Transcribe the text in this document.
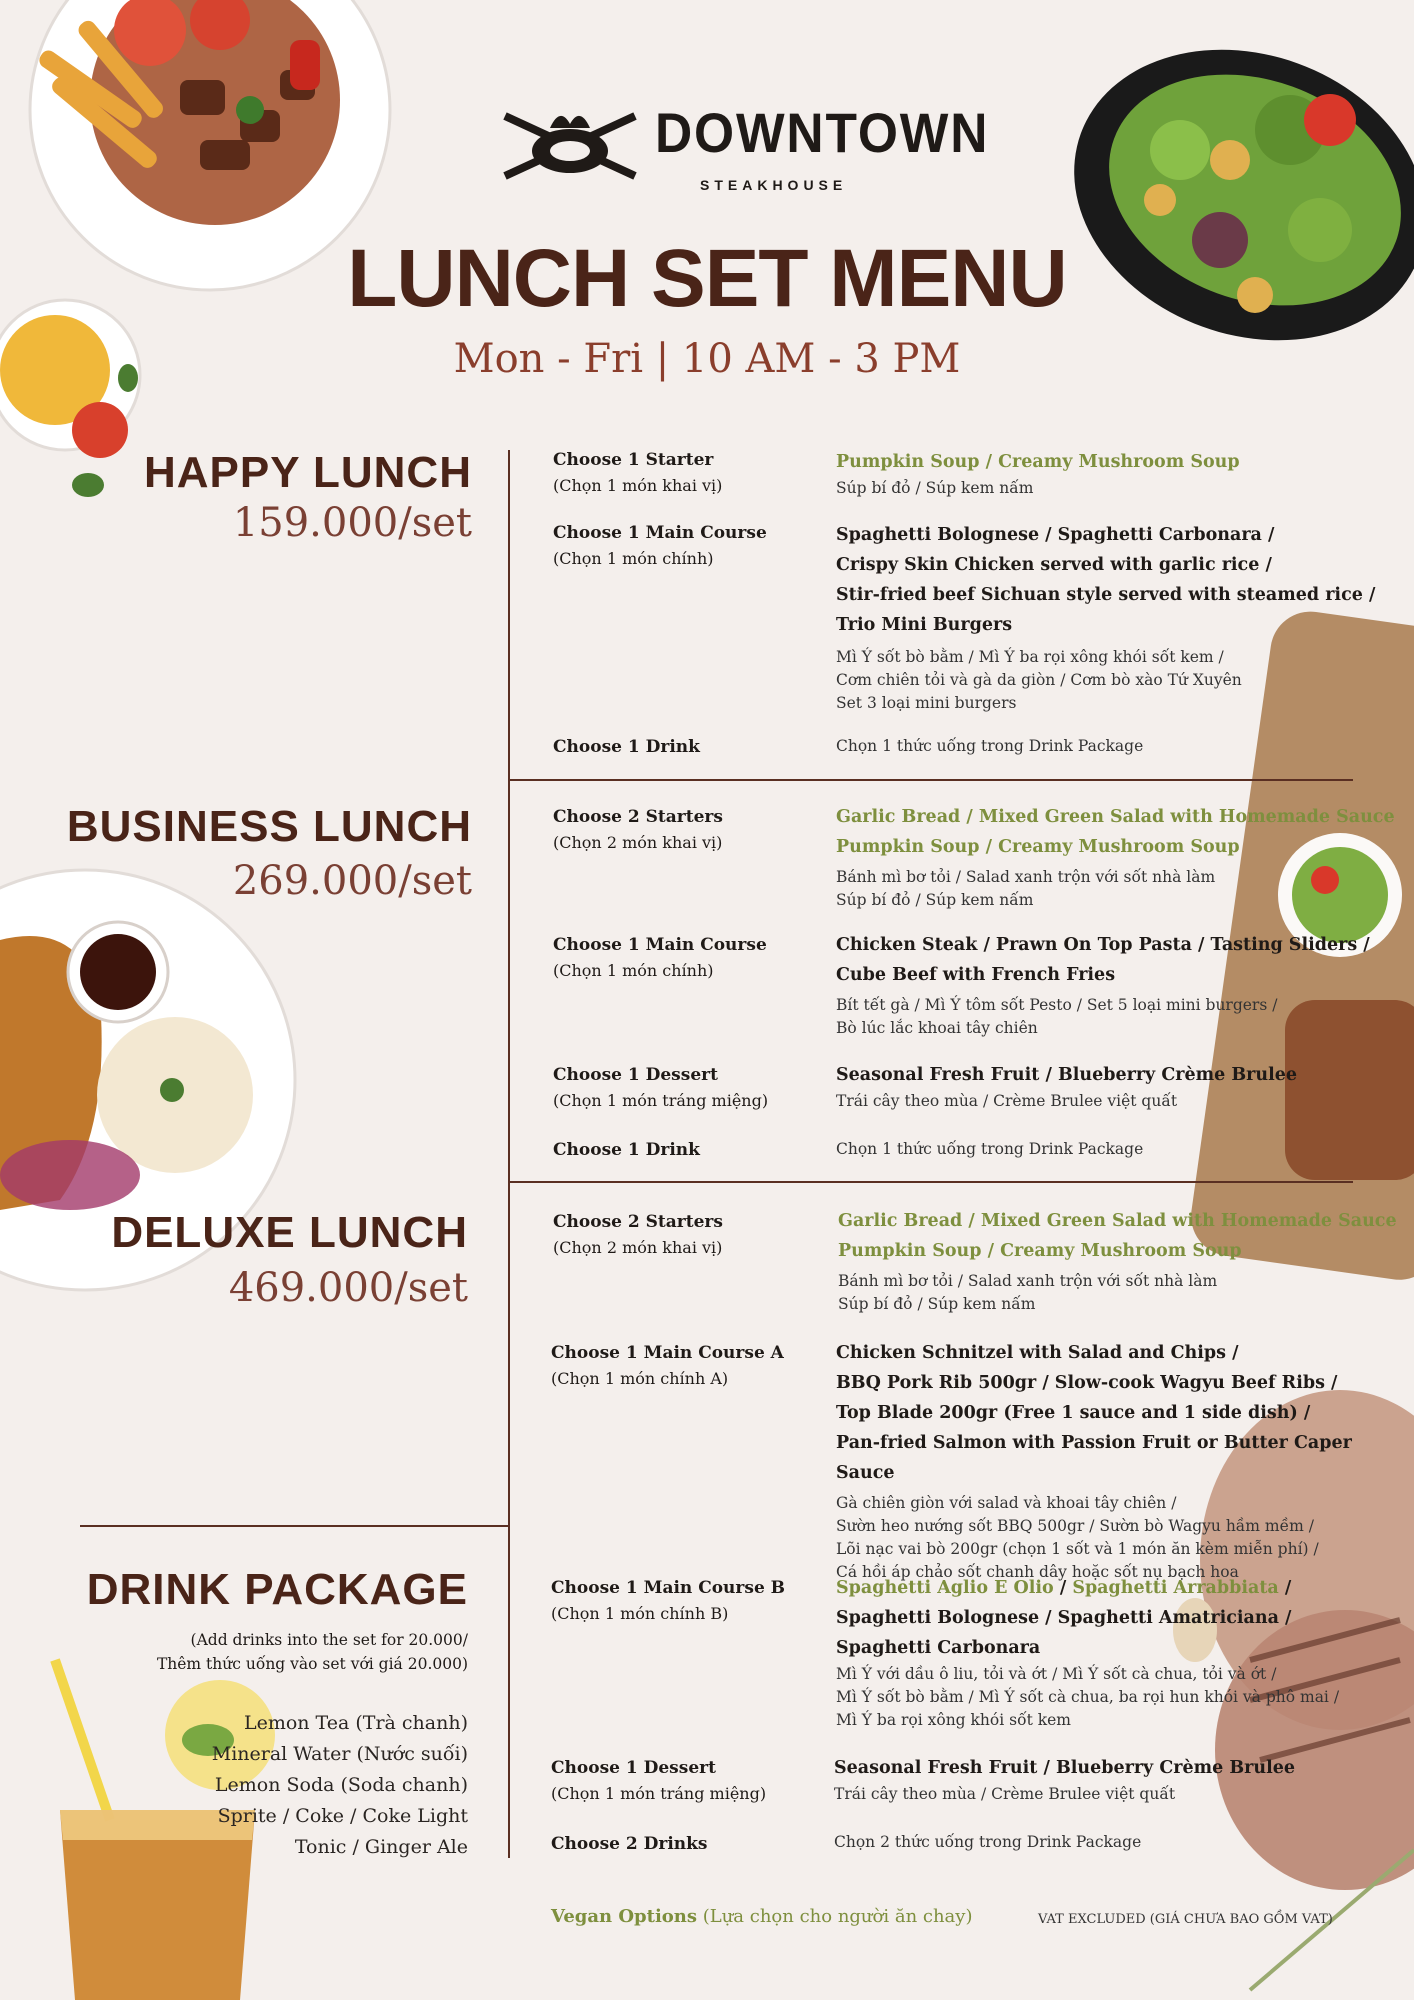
DOWNTOWN
STEAKHOUSE
LUNCH SET MENU
Mon - Fri | 10 AM - 3 PM
HAPPY LUNCH
159.000/set
BUSINESS LUNCH
269.000/set
DELUXE LUNCH
469.000/set
Choose 1 Starter
(Chọn 1 món khai vị)
Pumpkin Soup / Creamy Mushroom Soup
Súp bí đỏ / Súp kem nấm
Choose 1 Main Course
(Chọn 1 món chính)
Spaghetti Bolognese / Spaghetti Carbonara /
Crispy Skin Chicken served with garlic rice /
Stir-fried beef Sichuan style served with steamed rice /
Trio Mini Burgers
Mì Ý sốt bò bằm / Mì Ý ba rọi xông khói sốt kem /
Cơm chiên tỏi và gà da giòn / Cơm bò xào Tứ Xuyên
Set 3 loại mini burgers
Choose 1 Drink	Chọn 1 thức uống trong Drink Package
Choose 2 Starters
(Chọn 2 món khai vị)
Garlic Bread / Mixed Green Salad with Homemade Sauce
Pumpkin Soup / Creamy Mushroom Soup
Bánh mì bơ tỏi / Salad xanh trộn với sốt nhà làm
Súp bí đỏ / Súp kem nấm
Choose 1 Main Course
(Chọn 1 món chính)
Chicken Steak / Prawn On Top Pasta / Tasting Sliders /
Cube Beef with French Fries
Bít tết gà / Mì Ý tôm sốt Pesto / Set 5 loại mini burgers /
Bò lúc lắc khoai tây chiên
Choose 1 Dessert
(Chọn 1 món tráng miệng)
Seasonal Fresh Fruit / Blueberry Crème Brulee
Trái cây theo mùa / Crème Brulee việt quất
Choose 1 Drink	Chọn 1 thức uống trong Drink Package
Choose 2 Starters
(Chọn 2 món khai vị)
Garlic Bread / Mixed Green Salad with Homemade Sauce
Pumpkin Soup / Creamy Mushroom Soup
Bánh mì bơ tỏi / Salad xanh trộn với sốt nhà làm
Súp bí đỏ / Súp kem nấm
Choose 1 Main Course A
(Chọn 1 món chính A)
Chicken Schnitzel with Salad and Chips /
BBQ Pork Rib 500gr / Slow-cook Wagyu Beef Ribs /
Top Blade 200gr (Free 1 sauce and 1 side dish) /
Pan-fried Salmon with Passion Fruit or Butter Caper Sauce
Gà chiên giòn với salad và khoai tây chiên /
Sườn heo nướng sốt BBQ 500gr / Sườn bò Wagyu hầm mềm /
Lõi nạc vai bò 200gr (chọn 1 sốt và 1 món ăn kèm miễn phí) /
Cá hồi áp chảo sốt chanh dây hoặc sốt nụ bạch hoa
Choose 1 Main Course B
(Chọn 1 món chính B)
Spaghetti Aglio E Olio / Spaghetti Arrabbiata /
Spaghetti Bolognese / Spaghetti Amatriciana /
Spaghetti Carbonara
Mì Ý với dầu ô liu, tỏi và ớt / Mì Ý sốt cà chua, tỏi và ớt /
Mì Ý sốt bò bằm / Mì Ý sốt cà chua, ba rọi hun khói và phô mai /
Mì Ý ba rọi xông khói sốt kem
Choose 1 Dessert
(Chọn 1 món tráng miệng)
Seasonal Fresh Fruit / Blueberry Crème Brulee
Trái cây theo mùa / Crème Brulee việt quất
Choose 2 Drinks	Chọn 2 thức uống trong Drink Package
DRINK PACKAGE
(Add drinks into the set for 20.000/
Thêm thức uống vào set với giá 20.000)
Lemon Tea (Trà chanh)
Mineral Water (Nước suối)
Lemon Soda (Soda chanh)
Sprite / Coke / Coke Light
Tonic / Ginger Ale
Vegan Options (Lựa chọn cho người ăn chay)	VAT EXCLUDED (GIÁ CHƯA BAO GỒM VAT)
